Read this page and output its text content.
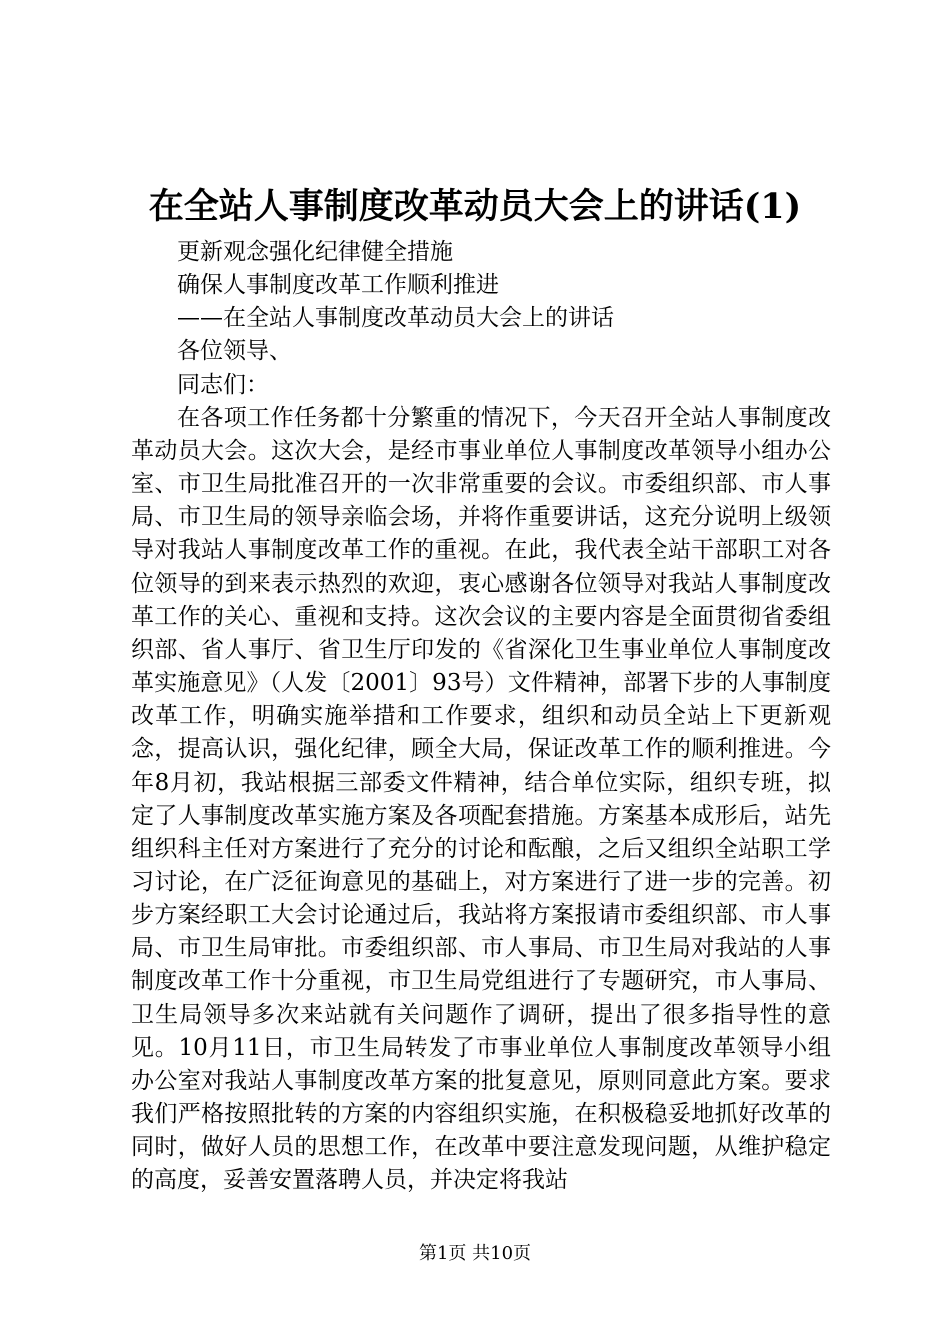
在全站人事制度改革动员大会上的讲话(1)
更新观念强化纪律健全措施
确保人事制度改革工作顺利推进
——在全站人事制度改革动员大会上的讲话
各位领导、
同志们：

在各项工作任务都十分繁重的情况下，今天召开全站人事制度改革动员大会。这次大会，是经市事业单位人事制度改革领导小组办公室、市卫生局批准召开的一次非常重要的会议。市委组织部、市人事局、市卫生局的领导亲临会场，并将作重要讲话，这充分说明上级领导对我站人事制度改革工作的重视。在此，我代表全站干部职工对各位领导的到来表示热烈的欢迎，衷心感谢各位领导对我站人事制度改革工作的关心、重视和支持。这次会议的主要内容是全面贯彻省委组织部、省人事厅、省卫生厅印发的《省深化卫生事业单位人事制度改革实施意见》（人发〔2001〕93号）文件精神，部署下步的人事制度改革工作，明确实施举措和工作要求，组织和动员全站上下更新观念，提高认识，强化纪律，顾全大局，保证改革工作的顺利推进。今年8月初，我站根据三部委文件精神，结合单位实际，组织专班，拟定了人事制度改革实施方案及各项配套措施。方案基本成形后，站先组织科主任对方案进行了充分的讨论和酝酿，之后又组织全站职工学习讨论，在广泛征询意见的基础上，对方案进行了进一步的完善。初步方案经职工大会讨论通过后，我站将方案报请市委组织部、市人事局、市卫生局审批。市委组织部、市人事局、市卫生局对我站的人事制度改革工作十分重视，市卫生局党组进行了专题研究，市人事局、卫生局领导多次来站就有关问题作了调研，提出了很多指导性的意见。10月11日，市卫生局转发了市事业单位人事制度改革领导小组办公室对我站人事制度改革方案的批复意见，原则同意此方案。要求我们严格按照批转的方案的内容组织实施，在积极稳妥地抓好改革的同时，做好人员的思想工作，在改革中要注意发现问题，从维护稳定的高度，妥善安置落聘人员，并决定将我站

第1页 共10页
